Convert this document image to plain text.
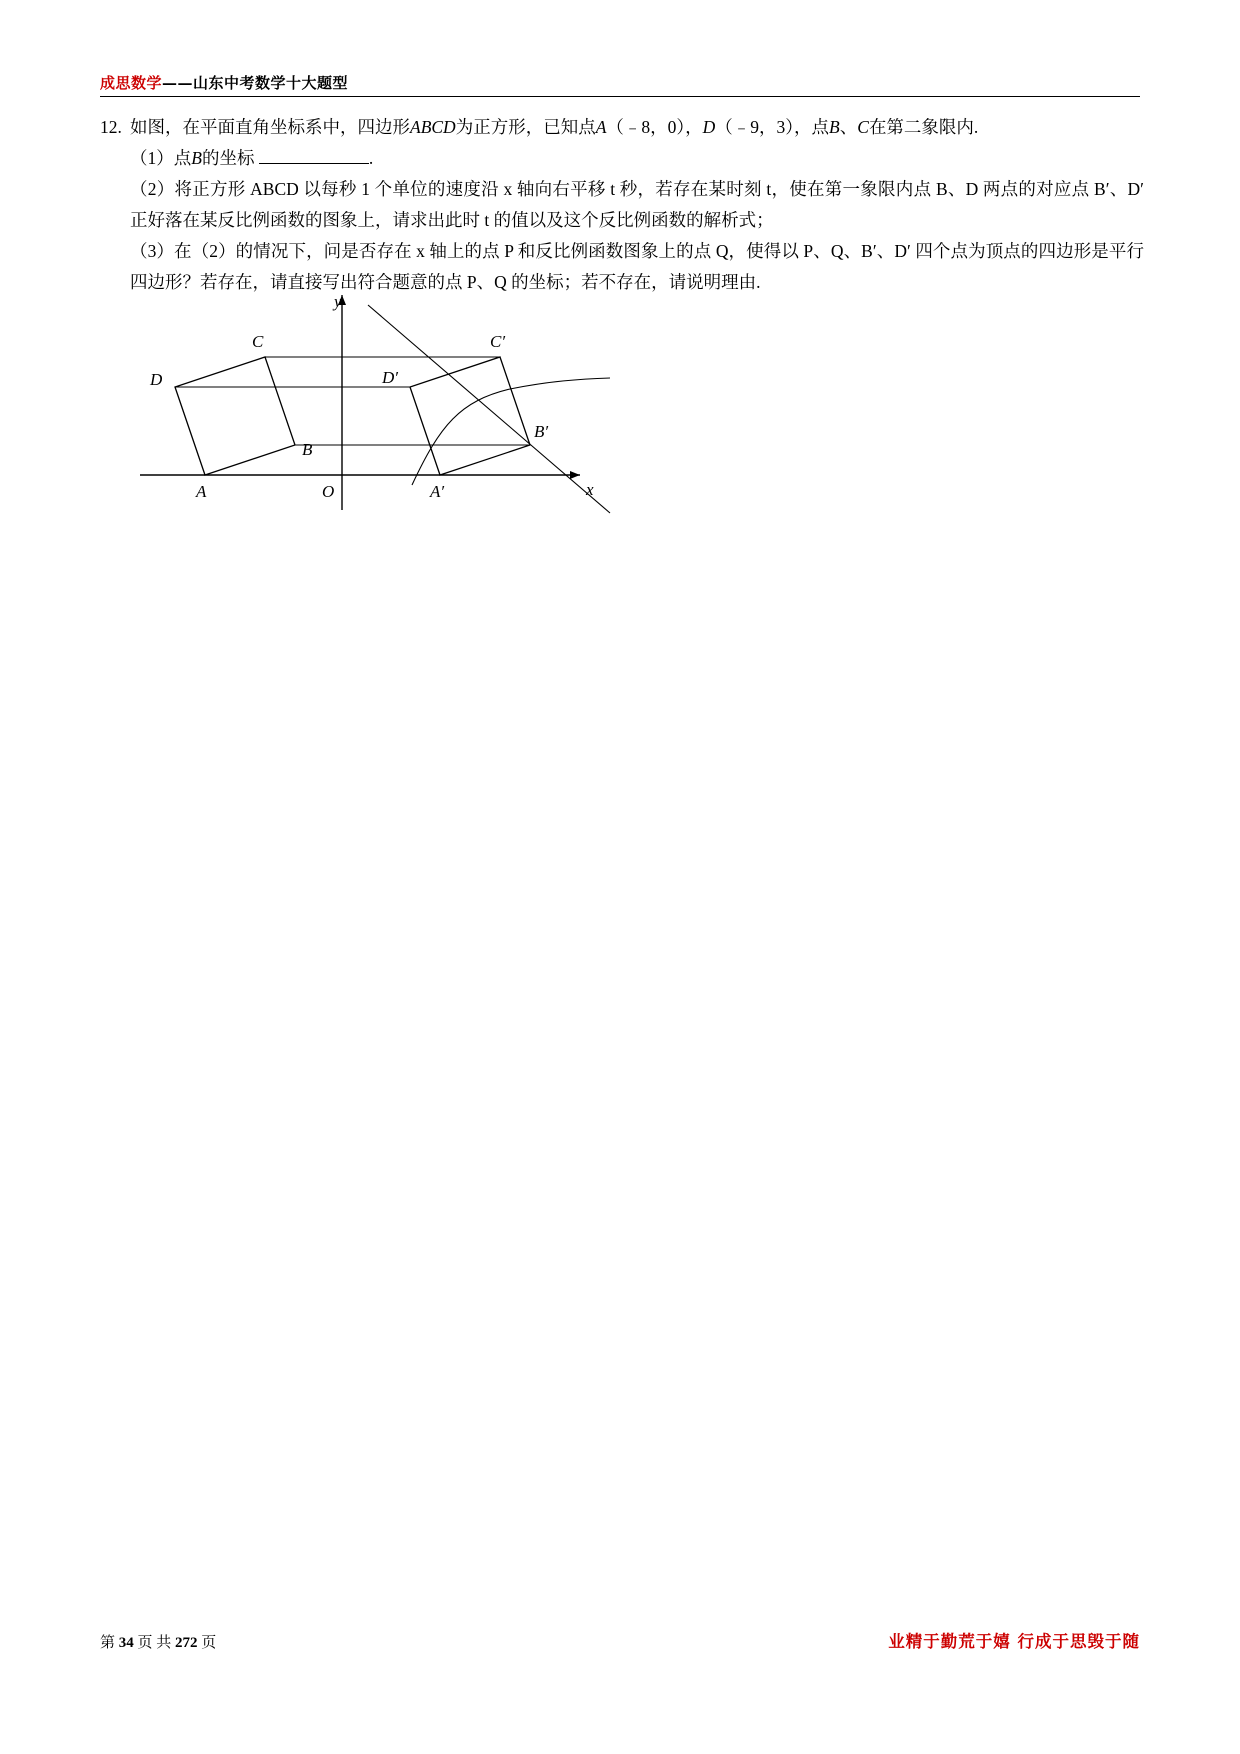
成思数学——山东中考数学十大题型
12. 如图，在平面直角坐标系中，四边形ABCD为正方形，已知点A（﹣8，0），D（﹣9，3），点B、C在第二象限内.
（1）点B的坐标	.
（2）将正方形 ABCD 以每秒 1 个单位的速度沿 x 轴向右平移 t 秒，若存在某时刻 t，使在第一象限内点 B、D 两点的对应点 B′、D′ 正好落在某反比例函数的图象上，请求出此时 t 的值以及这个反比例函数的解析式；
（3）在（2）的情况下，问是否存在 x 轴上的点 P 和反比例函数图象上的点 Q，使得以 P、Q、B′、D′ 四个点为顶点的四边形是平行四边形？若存在，请直接写出符合题意的点 P、Q 的坐标；若不存在，请说明理由.
A
B
C
D
A′
B′
C′
D′
O
y
x
第 34 页 共 272 页	业精于勤荒于嬉 行成于思毁于随
